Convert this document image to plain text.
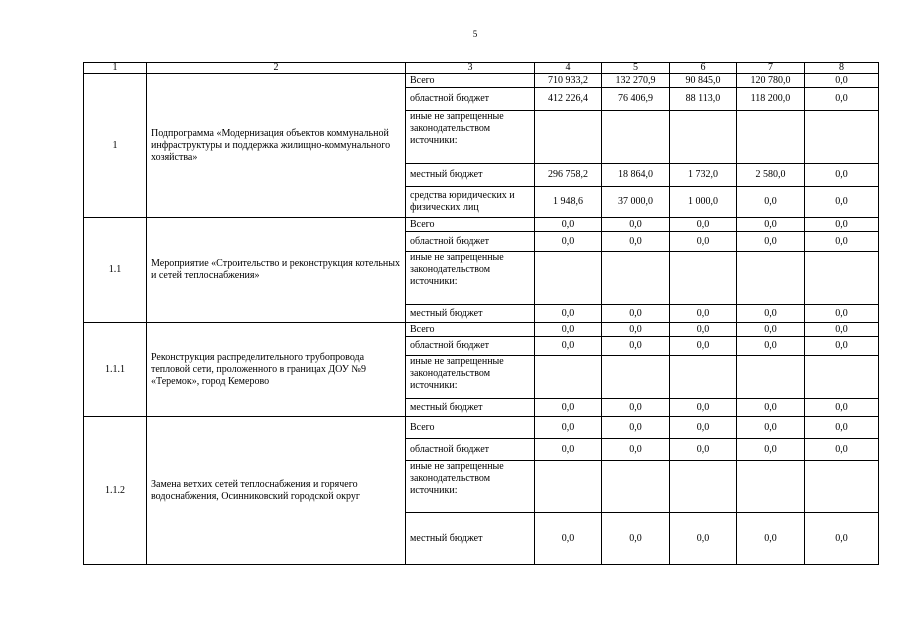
5
1	2	3	4	5	6	7	8
1	Подпрограмма «Модернизация объектов коммунальной инфраструктуры и поддержка жилищно-коммунального хозяйства»	Всего	710 933,2	132 270,9	90 845,0	120 780,0	0,0
		областной бюджет	412 226,4	76 406,9	88 113,0	118 200,0	0,0
		иные не запрещенные законодательством источники:					
		местный бюджет	296 758,2	18 864,0	1 732,0	2 580,0	0,0
		средства юридических и физических лиц	1 948,6	37 000,0	1 000,0	0,0	0,0
1.1	Мероприятие «Строительство и реконструкция котельных и сетей теплоснабжения»	Всего	0,0	0,0	0,0	0,0	0,0
		областной бюджет	0,0	0,0	0,0	0,0	0,0
		иные не запрещенные законодательством источники:					
		местный бюджет	0,0	0,0	0,0	0,0	0,0
1.1.1	Реконструкция распределительного трубопровода тепловой сети, проложенного в границах ДОУ №9 «Теремок», город Кемерово	Всего	0,0	0,0	0,0	0,0	0,0
		областной бюджет	0,0	0,0	0,0	0,0	0,0
		иные не запрещенные законодательством источники:					
		местный бюджет	0,0	0,0	0,0	0,0	0,0
1.1.2	Замена ветхих сетей теплоснабжения и горячего водоснабжения, Осинниковский городской округ	Всего	0,0	0,0	0,0	0,0	0,0
		областной бюджет	0,0	0,0	0,0	0,0	0,0
		иные не запрещенные законодательством источники:					
		местный бюджет	0,0	0,0	0,0	0,0	0,0
